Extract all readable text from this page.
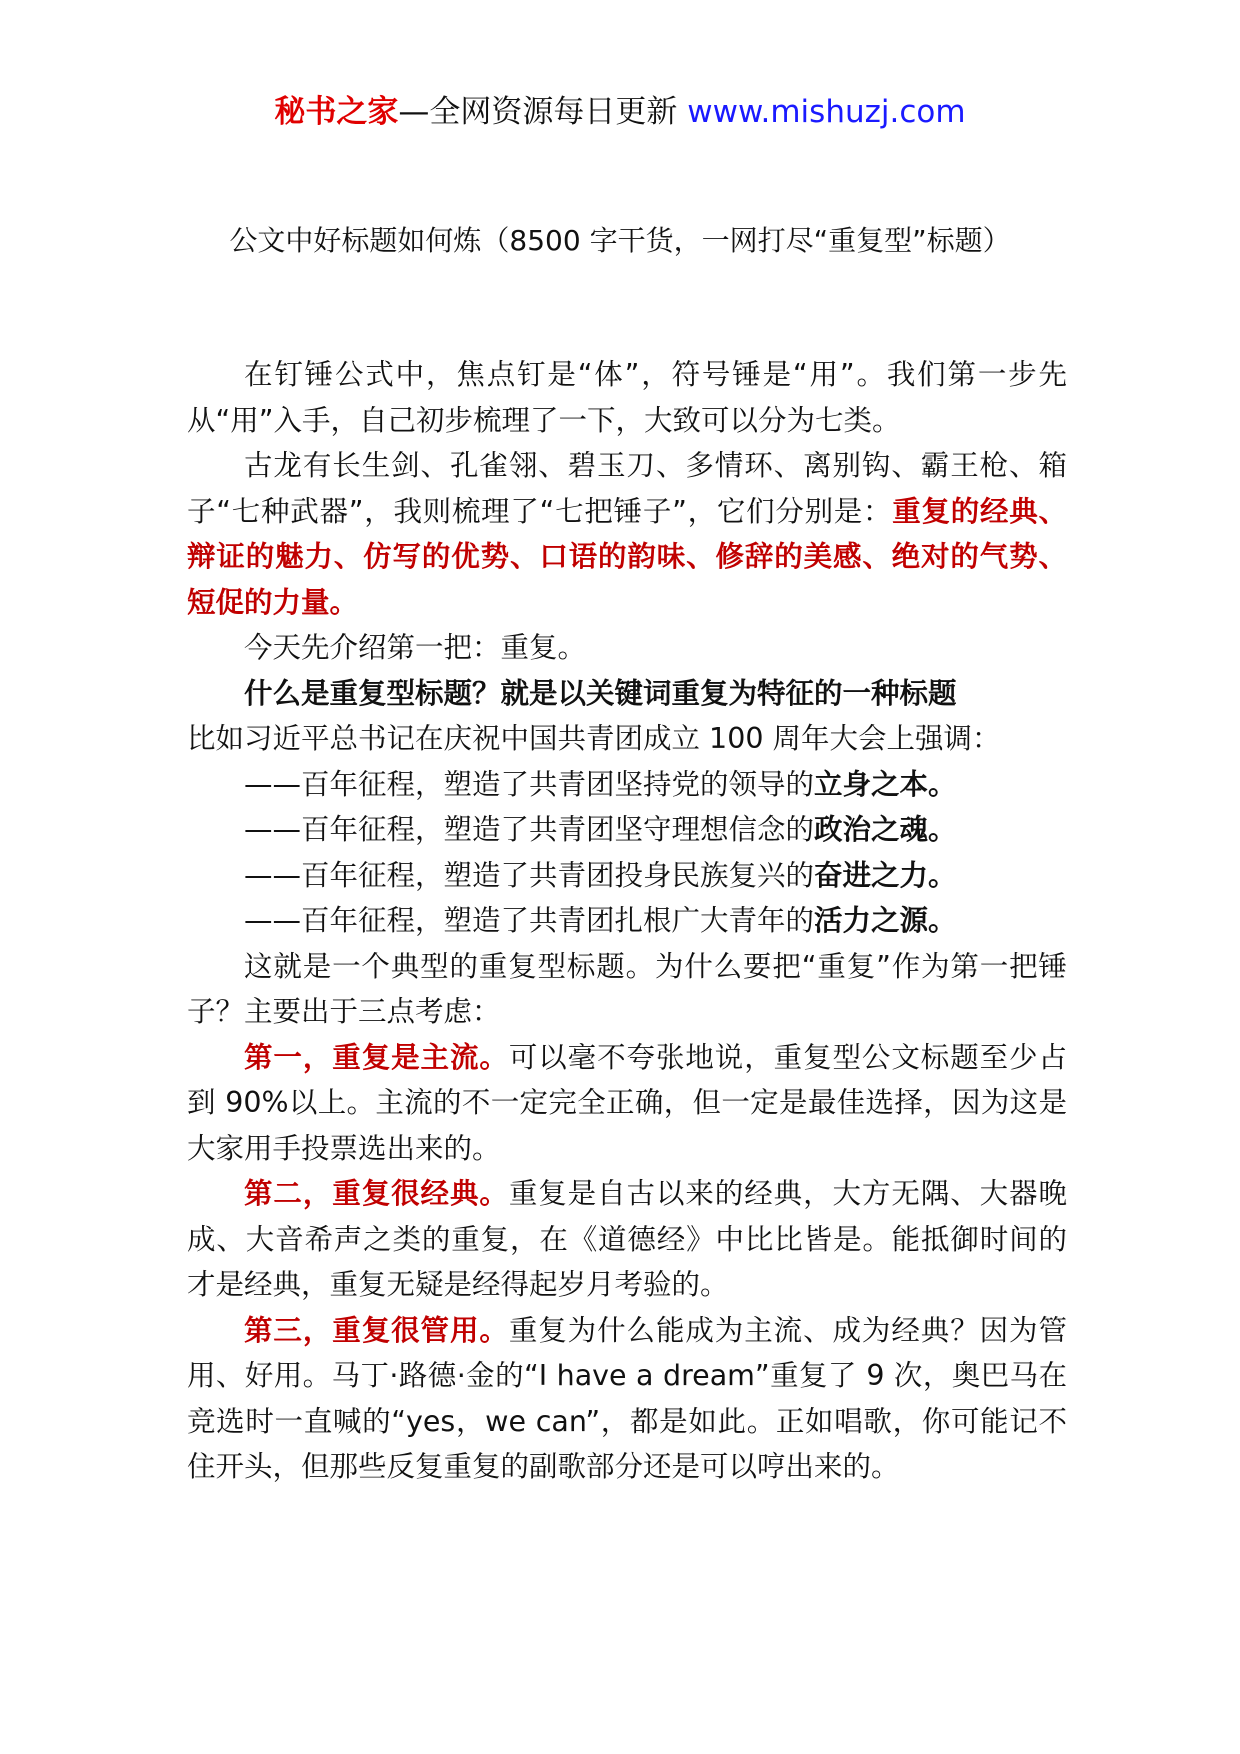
秘书之家—全网资源每日更新 www.mishuzj.com
公文中好标题如何炼（8500 字干货，一网打尽“重复型”标题）

在钉锤公式中，焦点钉是“体”，符号锤是“用”。我们第一步先从“用”入手，自己初步梳理了一下，大致可以分为七类。

古龙有长生剑、孔雀翎、碧玉刀、多情环、离别钩、霸王枪、箱子“七种武器”，我则梳理了“七把锤子”，它们分别是：重复的经典、辩证的魅力、仿写的优势、口语的韵味、修辞的美感、绝对的气势、短促的力量。

今天先介绍第一把：重复。

什么是重复型标题？就是以关键词重复为特征的一种标题

比如习近平总书记在庆祝中国共青团成立 100 周年大会上强调：

——百年征程，塑造了共青团坚持党的领导的立身之本。

——百年征程，塑造了共青团坚守理想信念的政治之魂。

——百年征程，塑造了共青团投身民族复兴的奋进之力。

——百年征程，塑造了共青团扎根广大青年的活力之源。

这就是一个典型的重复型标题。为什么要把“重复”作为第一把锤子？主要出于三点考虑：

第一，重复是主流。可以毫不夸张地说，重复型公文标题至少占到 90%以上。主流的不一定完全正确，但一定是最佳选择，因为这是大家用手投票选出来的。

第二，重复很经典。重复是自古以来的经典，大方无隅、大器晚成、大音希声之类的重复，在《道德经》中比比皆是。能抵御时间的才是经典，重复无疑是经得起岁月考验的。

第三，重复很管用。重复为什么能成为主流、成为经典？因为管用、好用。马丁·路德·金的“I have a dream”重复了 9 次，奥巴马在竞选时一直喊的“yes，we can”，都是如此。正如唱歌，你可能记不住开头，但那些反复重复的副歌部分还是可以哼出来的。
